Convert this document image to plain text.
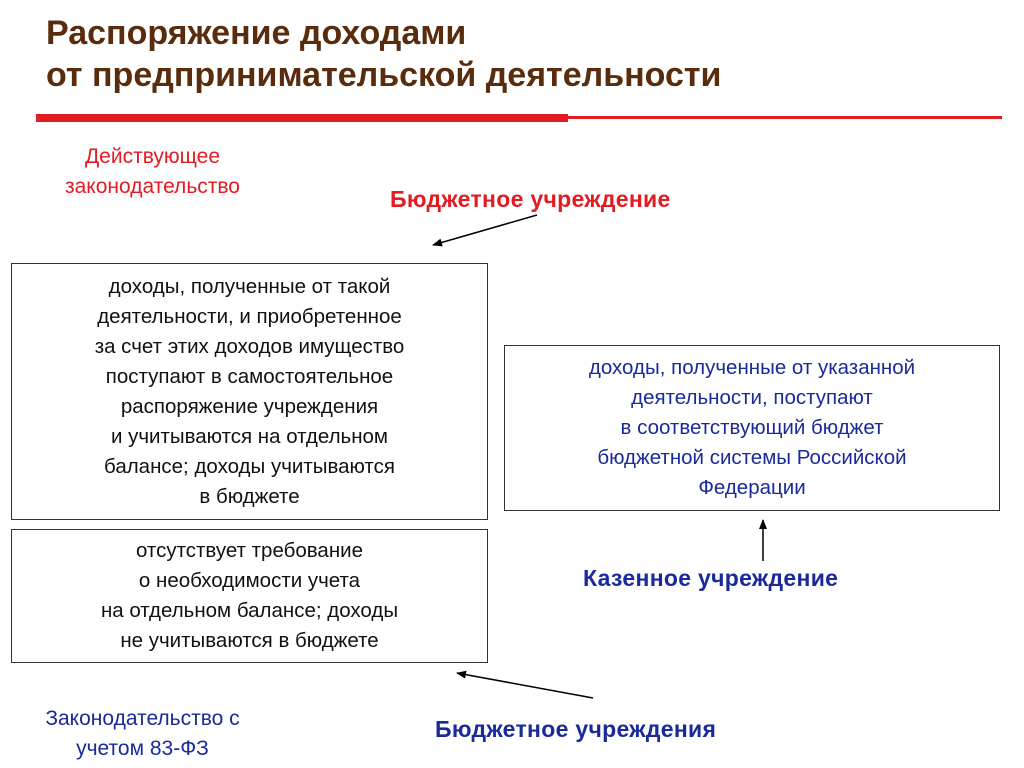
Распоряжение доходами
от предпринимательской деятельности
Действующее
законодательство	Бюджетное учреждение

доходы, полученные от такой

деятельности, и приобретенное

за счет этих доходов имущество

поступают в самостоятельное

распоряжение учреждения

и учитываются на отдельном

балансе; доходы учитываются

в бюджете

отсутствует требование

о необходимости учета

на отдельном балансе; доходы

не учитываются в бюджете

доходы, полученные от указанной

деятельности, поступают

в соответствующий бюджет

бюджетной системы Российской

Федерации

Казенное учреждение
Законодательство с
учетом 83-ФЗ
Бюджетное учреждения
